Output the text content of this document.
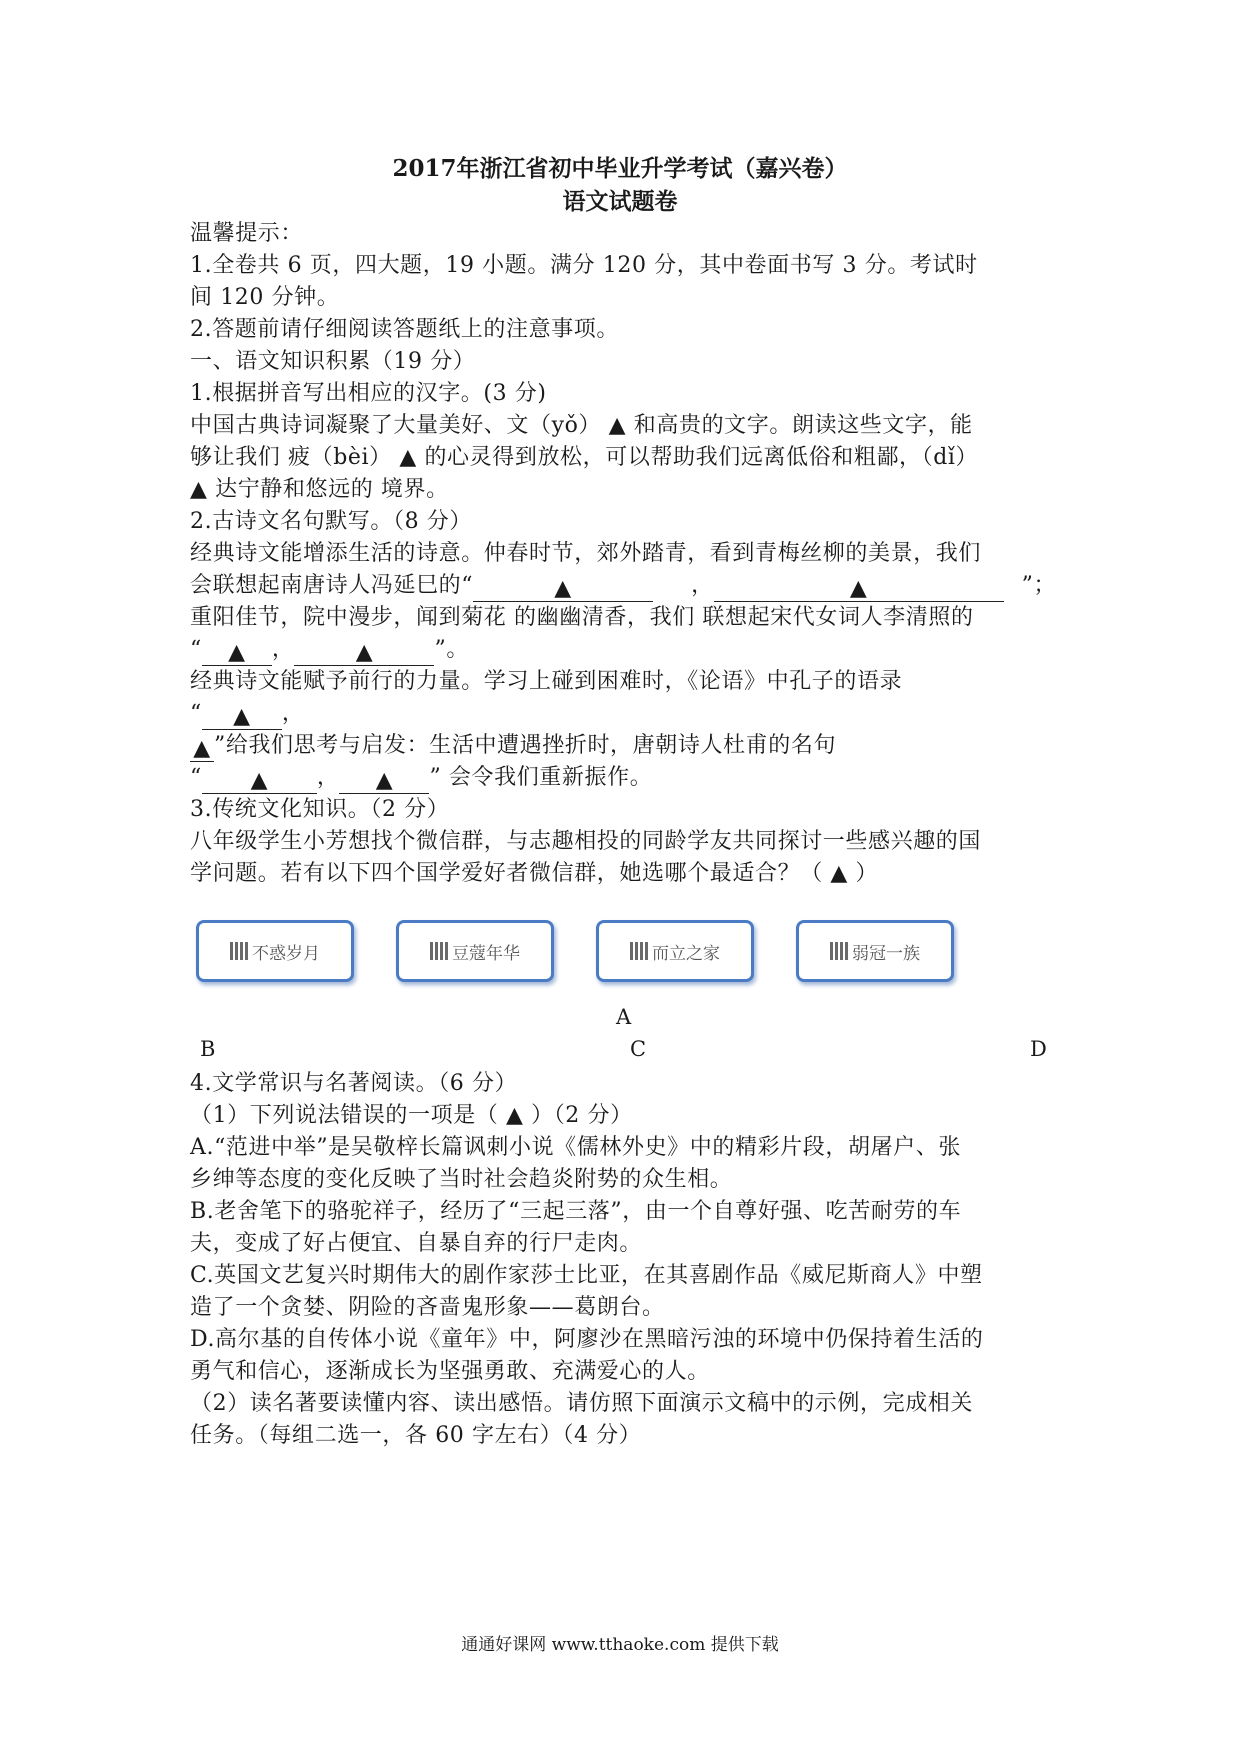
2017年浙江省初中毕业升学考试（嘉兴卷）
语文试题卷
温馨提示：
1.全卷共 6 页，四大题，19 小题。满分 120 分，其中卷面书写 3 分。考试时
间 120 分钟。
2.答题前请仔细阅读答题纸上的注意事项。
一、语文知识积累（19 分）
1.根据拼音写出相应的汉字。(3 分)
中国古典诗词凝聚了大量美好、文（yǒ） ▲ 和高贵的文字。朗读这些文字，能
够让我们 疲（bèi） ▲ 的心灵得到放松，可以帮助我们远离低俗和粗鄙，（dǐ）
▲ 达宁静和悠远的 境界。
2.古诗文名句默写。（8 分）
经典诗文能增添生活的诗意。仲春时节，郊外踏青，看到青梅丝柳的美景，我们
会联想起南唐诗人冯延巳的“	▲	，	▲	”；
重阳佳节，院中漫步，闻到菊花 的幽幽清香，我们 联想起宋代女词人李清照的
“ ▲ ，	▲	”。
经典诗文能赋予前行的力量。学习上碰到困难时，《论语》中孔子的语录
“ ▲ ，
▲ ”给我们思考与启发：生活中遭遇挫折时，唐朝诗人杜甫的名句
“ ▲ ， ▲ ” 会令我们重新振作。
3.传统文化知识。（2 分）
八年级学生小芳想找个微信群，与志趣相投的同龄学友共同探讨一些感兴趣的国
学问题。若有以下四个国学爱好者微信群，她选哪个最适合？（ ▲ ）
不惑岁月	豆蔻年华	而立之家	弱冠一族
A
B	C	D
4.文学常识与名著阅读。（6 分）
（1）下列说法错误的一项是（ ▲ ）（2 分）
A.“范进中举”是吴敬梓长篇讽刺小说《儒林外史》中的精彩片段，胡屠户、张
乡绅等态度的变化反映了当时社会趋炎附势的众生相。
B.老舍笔下的骆驼祥子，经历了“三起三落”，由一个自尊好强、吃苦耐劳的车
夫，变成了好占便宜、自暴自弃的行尸走肉。
C.英国文艺复兴时期伟大的剧作家莎士比亚，在其喜剧作品《威尼斯商人》中塑
造了一个贪婪、阴险的吝啬鬼形象——葛朗台。
D.高尔基的自传体小说《童年》中，阿廖沙在黑暗污浊的环境中仍保持着生活的
勇气和信心，逐渐成长为坚强勇敢、充满爱心的人。
（2）读名著要读懂内容、读出感悟。请仿照下面演示文稿中的示例，完成相关
任务。（每组二选一，各 60 字左右）（4 分）
通通好课网 www.tthaoke.com 提供下载
